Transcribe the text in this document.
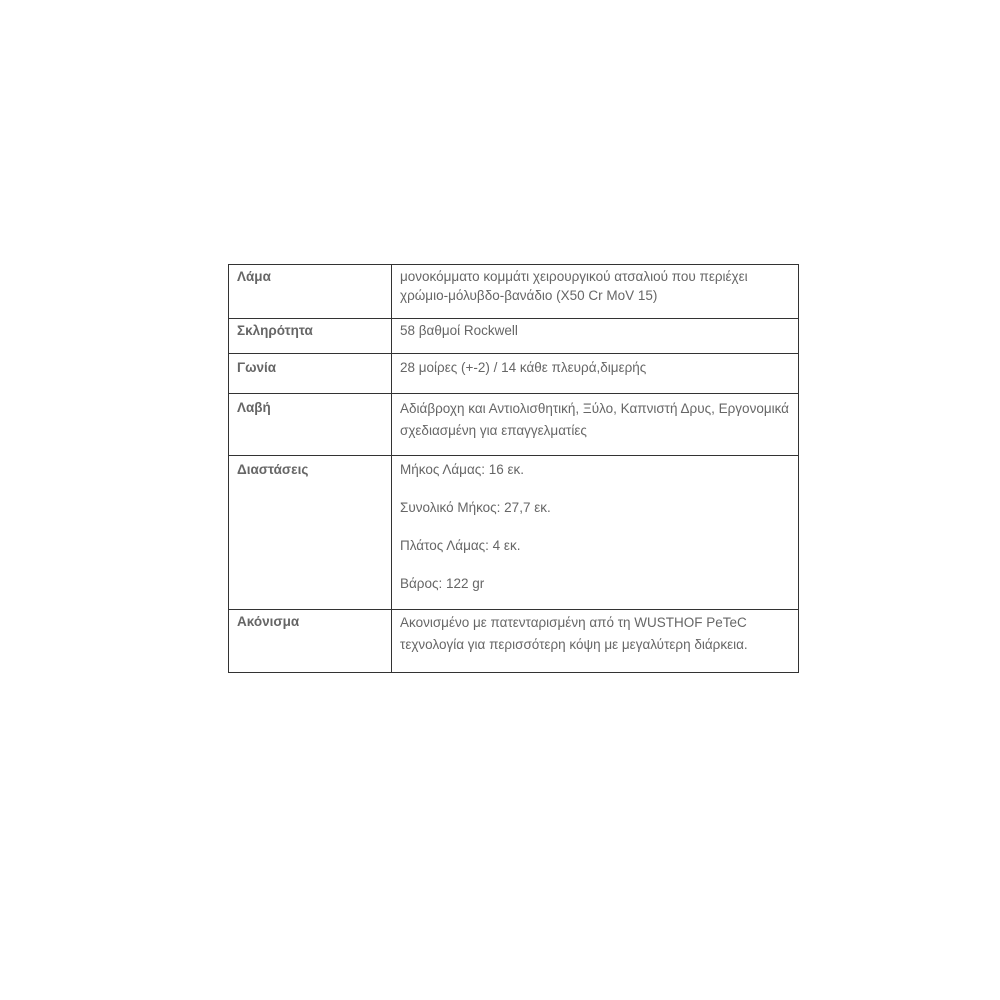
Λάμα	μονοκόμματο κομμάτι χειρουργικού ατσαλιού που περιέχει χρώμιο-μόλυβδο-βανάδιο (X50 Cr MoV 15)

Σκληρότητα	58 βαθμοί Rockwell

Γωνία	28 μοίρες (+-2) / 14 κάθε πλευρά,διμερής

Λαβή	Αδιάβροχη και Αντιολισθητική, Ξύλο, Καπνιστή Δρυς, Εργονομικά σχεδιασμένη για επαγγελματίες

Διαστάσεις	Μήκος Λάμας: 16 εκ.

Συνολικό Μήκος: 27,7 εκ.

Πλάτος Λάμας: 4 εκ.

Βάρος: 122 gr

Ακόνισμα	Ακονισμένο με πατενταρισμένη από τη WUSTHOF PeTeC τεχνολογία για περισσότερη κόψη με μεγαλύτερη διάρκεια.
